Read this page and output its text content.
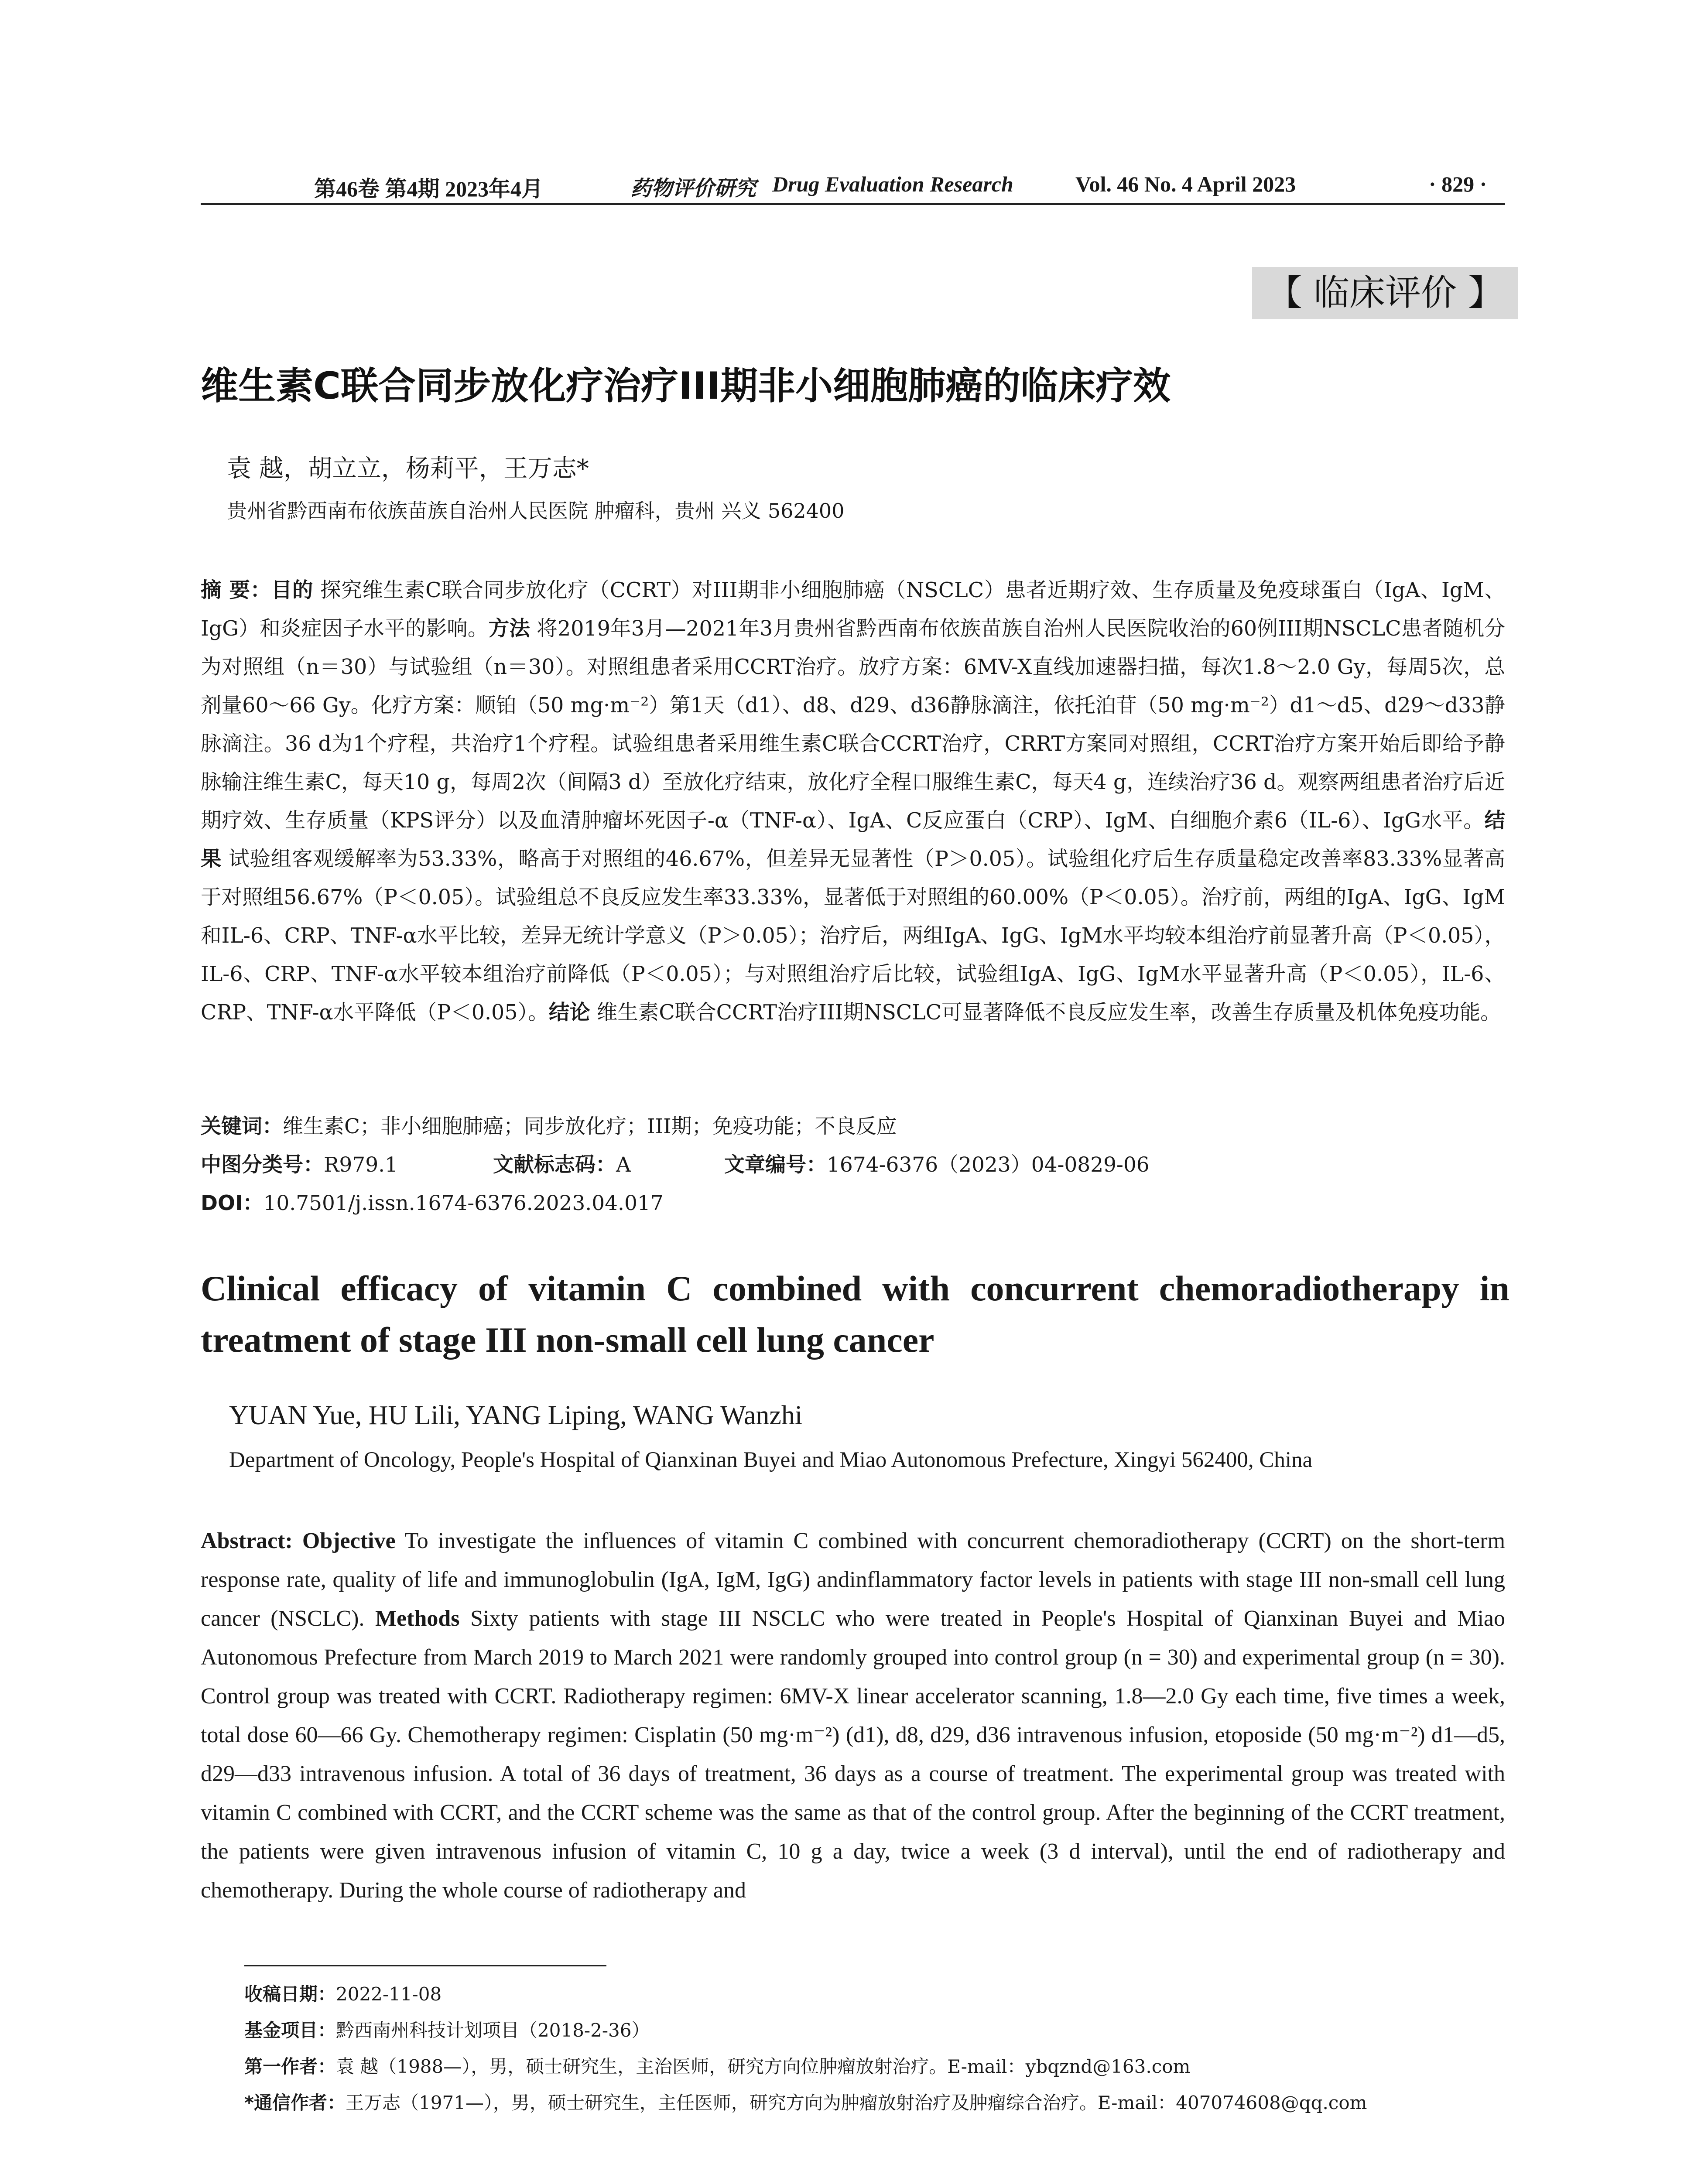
第46卷 第4期 2023年4月	药物评价研究 Drug Evaluation Research	Vol. 46 No. 4 April 2023	· 829 ·
【 临床评价 】
维生素C联合同步放化疗治疗III期非小细胞肺癌的临床疗效
袁 越，胡立立，杨莉平，王万志*
贵州省黔西南布依族苗族自治州人民医院 肿瘤科，贵州 兴义 562400
摘 要：目的 探究维生素C联合同步放化疗（CCRT）对III期非小细胞肺癌（NSCLC）患者近期疗效、生存质量及免疫球蛋白（IgA、IgM、IgG）和炎症因子水平的影响。方法 将2019年3月—2021年3月贵州省黔西南布依族苗族自治州人民医院收治的60例III期NSCLC患者随机分为对照组（n＝30）与试验组（n＝30）。对照组患者采用CCRT治疗。放疗方案：6MV-X直线加速器扫描，每次1.8～2.0 Gy，每周5次，总剂量60～66 Gy。化疗方案：顺铂（50 mg·m⁻²）第1天（d1）、d8、d29、d36静脉滴注，依托泊苷（50 mg·m⁻²）d1～d5、d29～d33静脉滴注。36 d为1个疗程，共治疗1个疗程。试验组患者采用维生素C联合CCRT治疗，CRRT方案同对照组，CCRT治疗方案开始后即给予静脉输注维生素C，每天10 g，每周2次（间隔3 d）至放化疗结束，放化疗全程口服维生素C，每天4 g，连续治疗36 d。观察两组患者治疗后近期疗效、生存质量（KPS评分）以及血清肿瘤坏死因子-α（TNF-α）、IgA、C反应蛋白（CRP）、IgM、白细胞介素6（IL-6）、IgG水平。结果 试验组客观缓解率为53.33%，略高于对照组的46.67%，但差异无显著性（P＞0.05）。试验组化疗后生存质量稳定改善率83.33%显著高于对照组56.67%（P＜0.05）。试验组总不良反应发生率33.33%，显著低于对照组的60.00%（P＜0.05）。治疗前，两组的IgA、IgG、IgM和IL-6、CRP、TNF-α水平比较，差异无统计学意义（P＞0.05）；治疗后，两组IgA、IgG、IgM水平均较本组治疗前显著升高（P＜0.05），IL-6、CRP、TNF-α水平较本组治疗前降低（P＜0.05）；与对照组治疗后比较，试验组IgA、IgG、IgM水平显著升高（P＜0.05），IL-6、CRP、TNF-α水平降低（P＜0.05）。结论 维生素C联合CCRT治疗III期NSCLC可显著降低不良反应发生率，改善生存质量及机体免疫功能。
关键词：维生素C；非小细胞肺癌；同步放化疗；III期；免疫功能；不良反应
中图分类号：R979.1	文献标志码：A	文章编号：1674-6376（2023）04-0829-06
DOI：10.7501/j.issn.1674-6376.2023.04.017
Clinical efficacy of vitamin C combined with concurrent chemoradiotherapy in treatment of stage III non-small cell lung cancer
YUAN Yue, HU Lili, YANG Liping, WANG Wanzhi
Department of Oncology, People's Hospital of Qianxinan Buyei and Miao Autonomous Prefecture, Xingyi 562400, China
Abstract: Objective To investigate the influences of vitamin C combined with concurrent chemoradiotherapy (CCRT) on the short-term response rate, quality of life and immunoglobulin (IgA, IgM, IgG) andinflammatory factor levels in patients with stage III non-small cell lung cancer (NSCLC). Methods Sixty patients with stage III NSCLC who were treated in People's Hospital of Qianxinan Buyei and Miao Autonomous Prefecture from March 2019 to March 2021 were randomly grouped into control group (n = 30) and experimental group (n = 30). Control group was treated with CCRT. Radiotherapy regimen: 6MV-X linear accelerator scanning, 1.8—2.0 Gy each time, five times a week, total dose 60—66 Gy. Chemotherapy regimen: Cisplatin (50 mg·m⁻²) (d1), d8, d29, d36 intravenous infusion, etoposide (50 mg·m⁻²) d1—d5, d29—d33 intravenous infusion. A total of 36 days of treatment, 36 days as a course of treatment. The experimental group was treated with vitamin C combined with CCRT, and the CCRT scheme was the same as that of the control group. After the beginning of the CCRT treatment, the patients were given intravenous infusion of vitamin C, 10 g a day, twice a week (3 d interval), until the end of radiotherapy and chemotherapy. During the whole course of radiotherapy and
收稿日期：2022-11-08
基金项目：黔西南州科技计划项目（2018-2-36）
第一作者：袁 越（1988—），男，硕士研究生，主治医师，研究方向位肿瘤放射治疗。E-mail：ybqznd@163.com
*通信作者：王万志（1971—），男，硕士研究生，主任医师，研究方向为肿瘤放射治疗及肿瘤综合治疗。E-mail：407074608@qq.com
